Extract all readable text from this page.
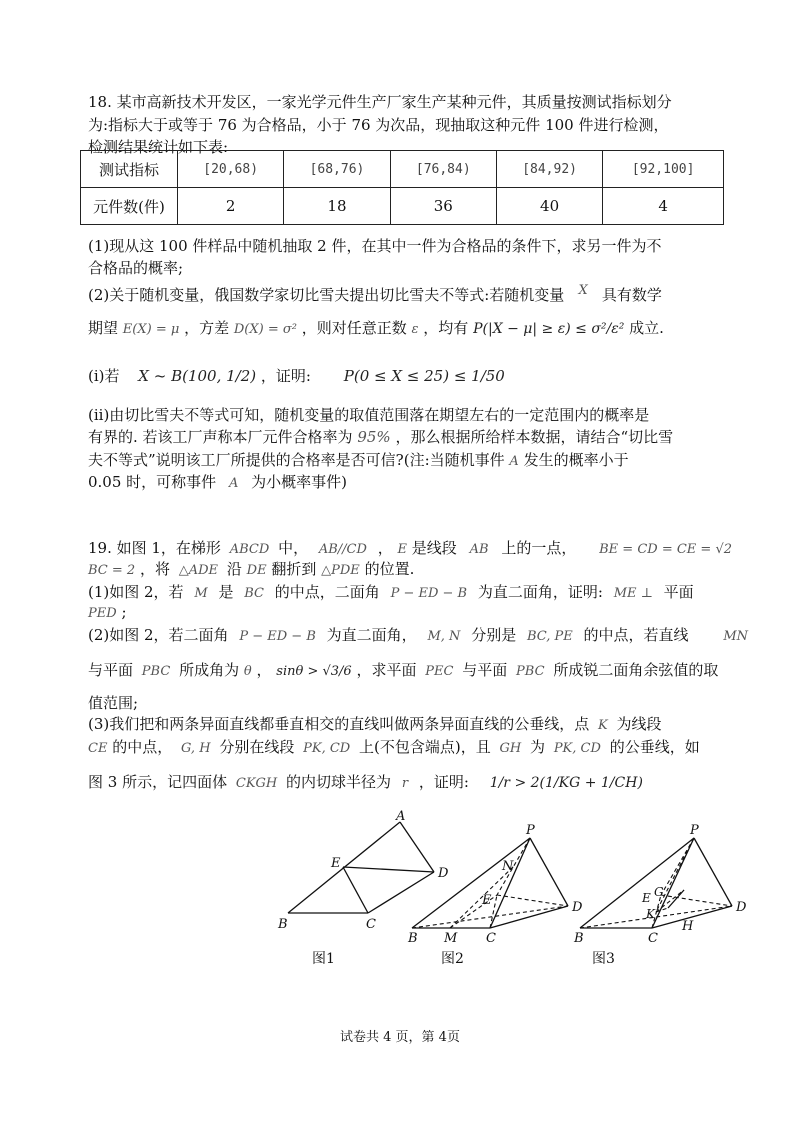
18. 某市高新技术开发区，一家光学元件生产厂家生产某种元件，其质量按测试指标划分
为:指标大于或等于 76 为合格品，小于 76 为次品，现抽取这种元件 100 件进行检测，
检测结果统计如下表:
测试指标	[20,68)	[68,76)	[76,84)	[84,92)	[92,100]
元件数(件)	2	18	36	40	4
(1)现从这 100 件样品中随机抽取 2 件，在其中一件为合格品的条件下，求另一件为不
合格品的概率;
(2)关于随机变量，俄国数学家切比雪夫提出切比雪夫不等式:若随机变量 X 具有数学
期望 E(X) = μ ，方差 D(X) = σ² ，则对任意正数 ε ，均有 P(|X − μ| ≥ ε) ≤ σ²/ε² 成立.
(i)若 X ~ B(100, 1/2) ，证明: P(0 ≤ X ≤ 25) ≤ 1/50
(ii)由切比雪夫不等式可知，随机变量的取值范围落在期望左右的一定范围内的概率是
有界的. 若该工厂声称本厂元件合格率为 95% ，那么根据所给样本数据，请结合“切比雪
夫不等式”说明该工厂所提供的合格率是否可信?(注:当随机事件 A 发生的概率小于
0.05 时，可称事件 A 为小概率事件)
19. 如图 1，在梯形 ABCD 中， AB//CD ， E 是线段 AB 上的一点， BE = CD = CE = √2
BC = 2 ，将 △ADE 沿 DE 翻折到 △PDE 的位置.
(1)如图 2，若 M 是 BC 的中点，二面角 P − ED − B 为直二面角，证明: ME ⊥ 平面
PED ;
(2)如图 2，若二面角 P − ED − B 为直二面角， M, N 分别是 BC, PE 的中点，若直线	MN
与平面 PBC 所成角为 θ ， sinθ > √3/6 ，求平面 PEC 与平面 PBC 所成锐二面角余弦值的取
值范围;
(3)我们把和两条异面直线都垂直相交的直线叫做两条异面直线的公垂线，点 K 为线段
CE 的中点， G, H 分别在线段 PK, CD 上(不包含端点)，且 GH 为 PK, CD 的公垂线，如
图 3 所示，记四面体 CKGH 的内切球半径为 r ，证明: 1/r > 2(1/KG + 1/CH)
A
E
D
B	C
P
N
E	D
B M C
P
E G
K	D
B	C
H
图1	图2	图3
试卷共 4 页，第 4页
